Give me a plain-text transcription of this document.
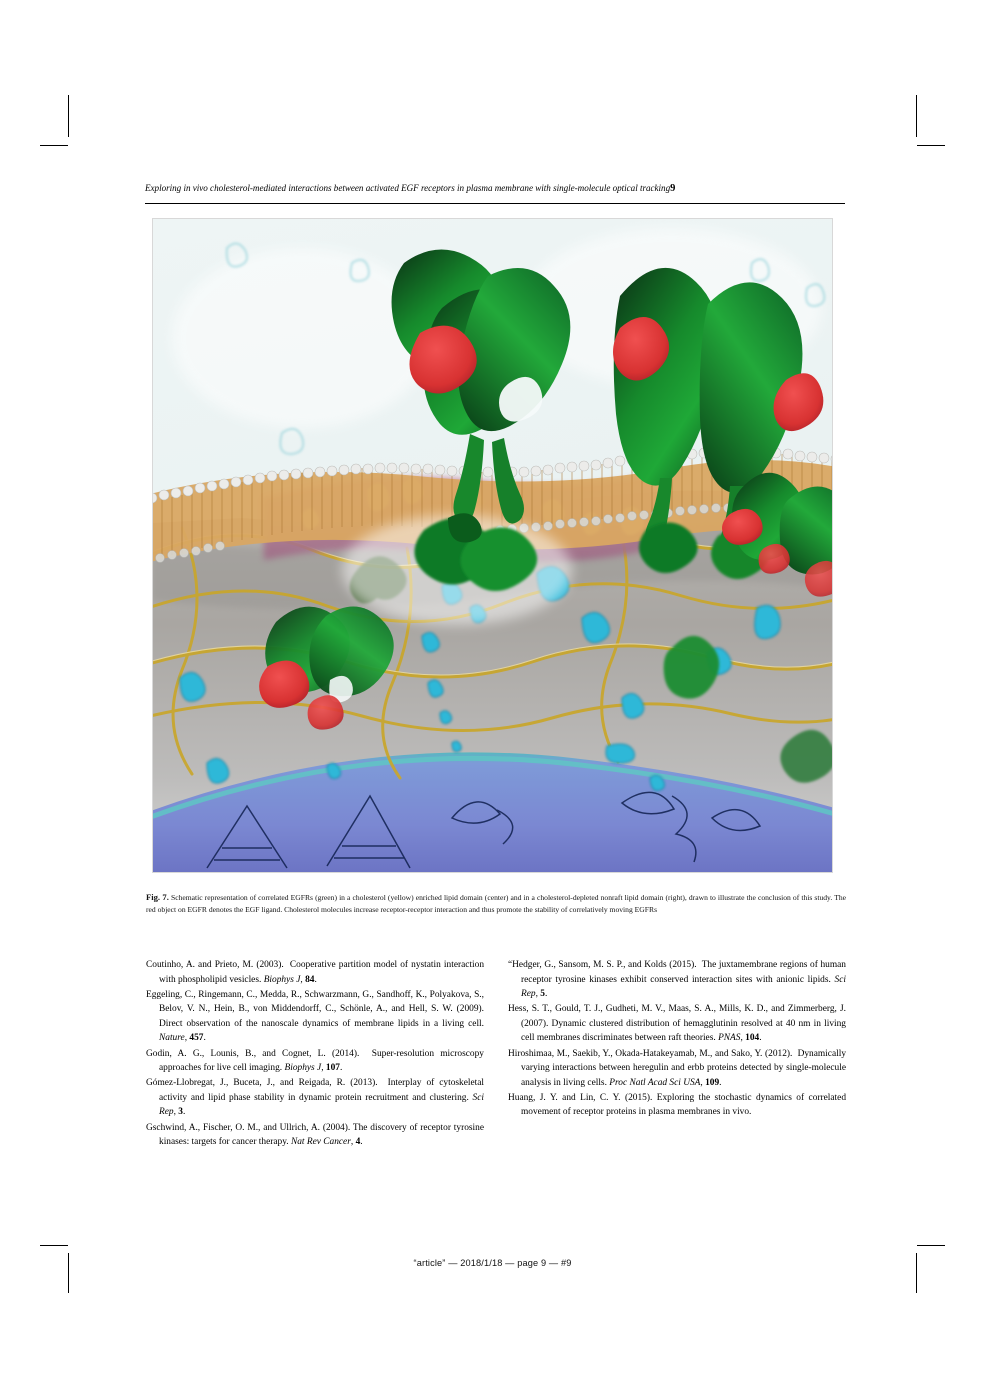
Exploring in vivo cholesterol-mediated interactions between activated EGF receptors in plasma membrane with single-molecule optical tracking9
Fig. 7. Schematic representation of correlated EGFRs (green) in a cholesterol (yellow) enriched lipid domain (center) and in a cholesterol-depleted nonraft lipid domain (right), drawn to illustrate the conclusion of this study. The red object on EGFR denotes the EGF ligand. Cholesterol molecules increase receptor-receptor interaction and thus promote the stability of correlatively moving EGFRs

Coutinho, A. and Prieto, M. (2003). Cooperative partition model of nystatin interaction with phospholipid vesicles. Biophys J, 84.

Eggeling, C., Ringemann, C., Medda, R., Schwarzmann, G., Sandhoff, K., Polyakova, S., Belov, V. N., Hein, B., von Middendorff, C., Schönle, A., and Hell, S. W. (2009). Direct observation of the nanoscale dynamics of membrane lipids in a living cell. Nature, 457.

Godin, A. G., Lounis, B., and Cognet, L. (2014). Super-resolution microscopy approaches for live cell imaging. Biophys J, 107.

Gómez-Llobregat, J., Buceta, J., and Reigada, R. (2013). Interplay of cytoskeletal activity and lipid phase stability in dynamic protein recruitment and clustering. Sci Rep, 3.

Gschwind, A., Fischer, O. M., and Ullrich, A. (2004). The discovery of receptor tyrosine kinases: targets for cancer therapy. Nat Rev Cancer, 4.

“Hedger, G., Sansom, M. S. P., and Kolds (2015). The juxtamembrane regions of human receptor tyrosine kinases exhibit conserved interaction sites with anionic lipids. Sci Rep, 5.

Hess, S. T., Gould, T. J., Gudheti, M. V., Maas, S. A., Mills, K. D., and Zimmerberg, J. (2007). Dynamic clustered distribution of hemagglutinin resolved at 40 nm in living cell membranes discriminates between raft theories. PNAS, 104.

Hiroshimaa, M., Saekib, Y., Okada-Hatakeyamab, M., and Sako, Y. (2012). Dynamically varying interactions between heregulin and erbb proteins detected by single-molecule analysis in living cells. Proc Natl Acad Sci USA, 109.

Huang, J. Y. and Lin, C. Y. (2015). Exploring the stochastic dynamics of correlated movement of receptor proteins in plasma membranes in vivo.

“article” — 2018/1/18 — page 9 — #9
